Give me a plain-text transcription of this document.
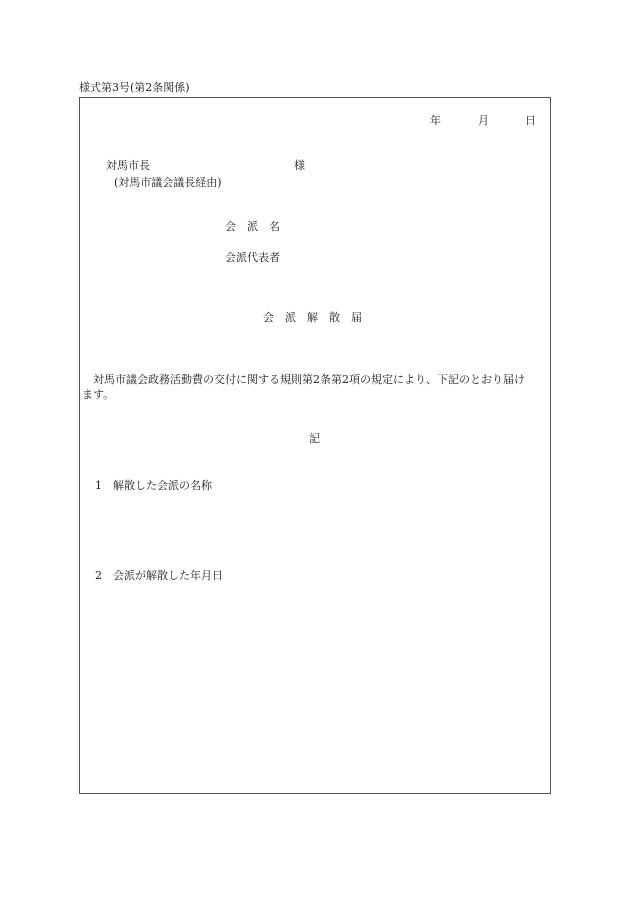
様式第3号(第2条関係)
年	月	日
対馬市長	様
(対馬市議会議長経由)
会　派　名
会派代表者
会　派　解　散　届
対馬市議会政務活動費の交付に関する規則第2条第2項の規定により、下記のとおり届け
ます。
記
1 解散した会派の名称
2 会派が解散した年月日
